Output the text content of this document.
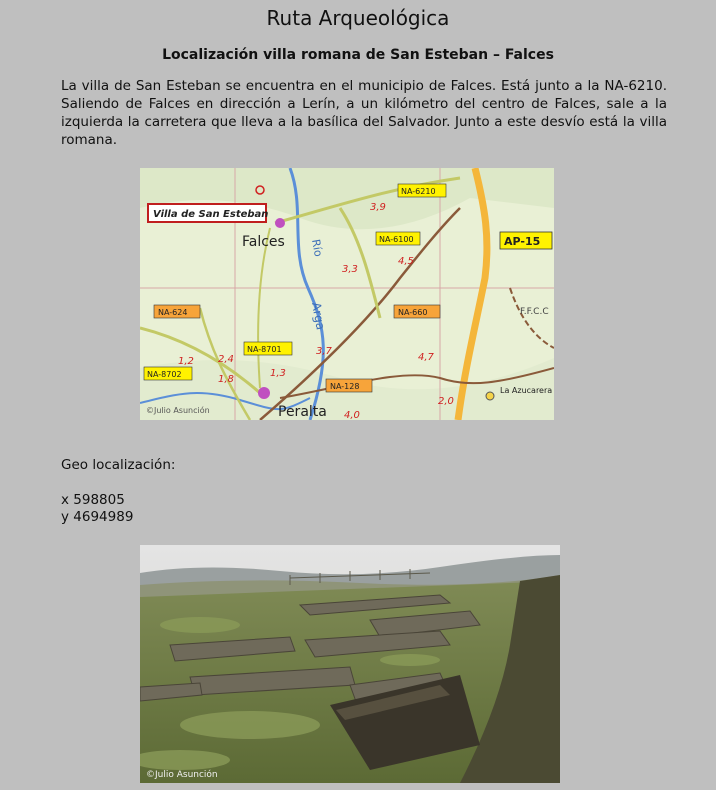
Ruta Arqueológica
Localización villa romana de San Esteban – Falces

La villa de San Esteban se encuentra en el municipio de Falces. Está junto a la NA-6210. Saliendo de Falces en dirección a Lerín, a un kilómetro del centro de Falces, sale a la izquierda la carretera que lleva a la basílica del Salvador. Junto a este desvío está la villa romana.

Villa de San Esteban
Falces
Peralta
La Azucarera
Río
Arga
NA-6210
NA-6100	AP-15
NA-624	NA-660
NA-8701
NA-8702
NA-128
F.F.C.C
3,9
3,3
4,5
3,7
4,7
1,2 2,4
1,8
1,3
4,0
2,0
©Julio Asunción
Geo localización:
x 598805
y 4694989
©Julio Asunción
